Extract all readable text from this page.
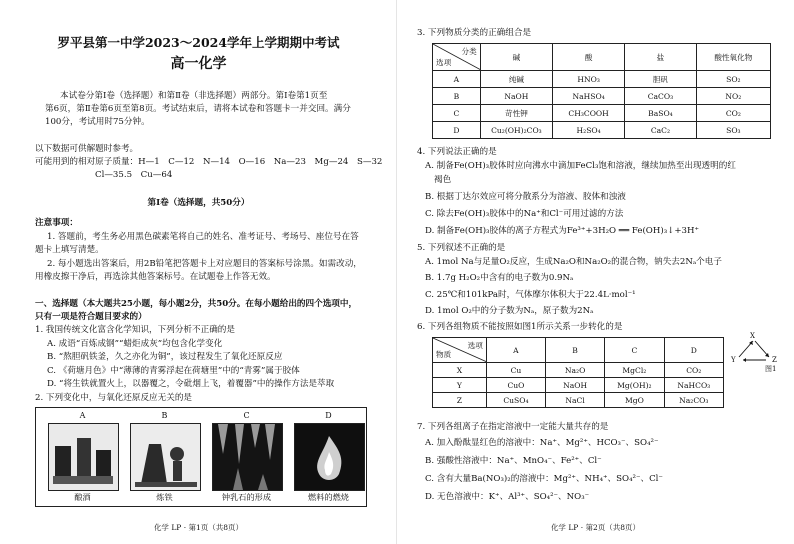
罗平县第一中学2023～2024学年上学期期中考试
高一化学
本试卷分第Ⅰ卷（选择题）和第Ⅱ卷（非选择题）两部分。第Ⅰ卷第1页至
第6页，第Ⅱ卷第6页至第8页。考试结束后，请将本试卷和答题卡一并交回。满分
100分，考试用时75分钟。
以下数据可供解题时参考。
可能用到的相对原子质量：H—1　C—12　N—14　O—16　Na—23　Mg—24　S—32
Cl—35.5　Cu—64
第Ⅰ卷（选择题，共50分）
注意事项：
1. 答题前，考生务必用黑色碳素笔将自己的姓名、准考证号、考场号、座位号在答
题卡上填写清楚。
2. 每小题选出答案后，用2B铅笔把答题卡上对应题目的答案标号涂黑。如需改动，
用橡皮擦干净后，再选涂其他答案标号。在试题卷上作答无效。
一、选择题（本大题共25小题，每小题2分，共50分。在每小题给出的四个选项中，
只有一项是符合题目要求的）
1. 我国传统文化富含化学知识，下列分析不正确的是
A. 成语“百炼成钢”“蜡炬成灰”均包含化学变化
B. “熬胆矾铁釜，久之亦化为铜”，该过程发生了氧化还原反应
C. 《荷塘月色》中“薄薄的青雾浮起在荷塘里”中的“青雾”属于胶体
D. “将生铁就置火上，以器覆之，令砒烟上飞，着覆器”中的操作方法是萃取
2. 下列变化中，与氧化还原反应无关的是
A	B	C	D
酿酒	炼铁	钟乳石的形成	燃料的燃烧
化学 LP · 第1页（共8页）
3. 下列物质分类的正确组合是
分类
选项	碱	酸	盐	酸性氧化物
A	纯碱	HNO₃	胆矾	SO₂
B	NaOH	NaHSO₄	CaCO₃	NO₂
C	苛性钾	CH₃COOH	BaSO₄	CO₂
D	Cu₂(OH)₂CO₃	H₂SO₄	CaC₂	SO₃
4. 下列说法正确的是
A. 制备Fe(OH)₃胶体时应向沸水中滴加FeCl₃饱和溶液，继续加热至出现透明的红
褐色
B. 根据丁达尔效应可将分散系分为溶液、胶体和浊液
C. 除去Fe(OH)₃胶体中的Na⁺和Cl⁻可用过滤的方法
D. 制备Fe(OH)₃胶体的离子方程式为Fe³⁺+3H₂O ══ Fe(OH)₃↓+3H⁺
5. 下列叙述不正确的是
A. 1mol Na与足量O₂反应，生成Na₂O和Na₂O₂的混合物，钠失去2Nₐ个电子
B. 1.7g H₂O₂中含有的电子数为0.9Nₐ
C. 25℃和101kPa时，气体摩尔体积大于22.4L·mol⁻¹
D. 1mol O₂中的分子数为Nₐ，原子数为2Nₐ
6. 下列各组物质不能按照如图1所示关系一步转化的是
选项
物质	A	B	C	D
X	Cu	Na₂O	MgCl₂	CO₂
Y	CuO	NaOH	Mg(OH)₂	NaHCO₃
Z	CuSO₄	NaCl	MgO	Na₂CO₃
X
Y	Z
图1
7. 下列各组离子在指定溶液中一定能大量共存的是
A. 加入酚酞显红色的溶液中：Na⁺、Mg²⁺、HCO₃⁻、SO₄²⁻
B. 强酸性溶液中：Na⁺、MnO₄⁻、Fe²⁺、Cl⁻
C. 含有大量Ba(NO₃)₂的溶液中：Mg²⁺、NH₄⁺、SO₄²⁻、Cl⁻
D. 无色溶液中：K⁺、Al³⁺、SO₄²⁻、NO₃⁻
化学 LP · 第2页（共8页）
